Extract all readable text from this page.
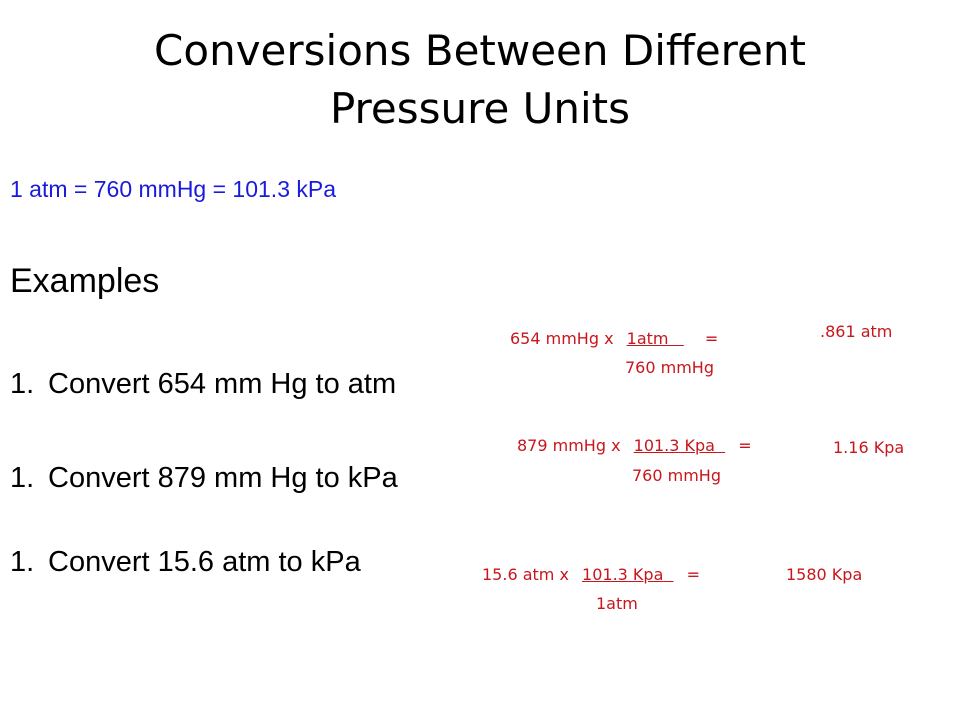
Conversions Between Different
Pressure Units
1 atm = 760 mmHg = 101.3 kPa
Examples
1. Convert 654 mm Hg to atm
1. Convert 879 mm Hg to kPa
1. Convert 15.6 atm to kPa
654 mmHg x 1atm =
760 mmHg
.861 atm
879 mmHg x 101.3 Kpa =
760 mmHg
1.16 Kpa
15.6 atm x 101.3 Kpa =
1atm
1580 Kpa
